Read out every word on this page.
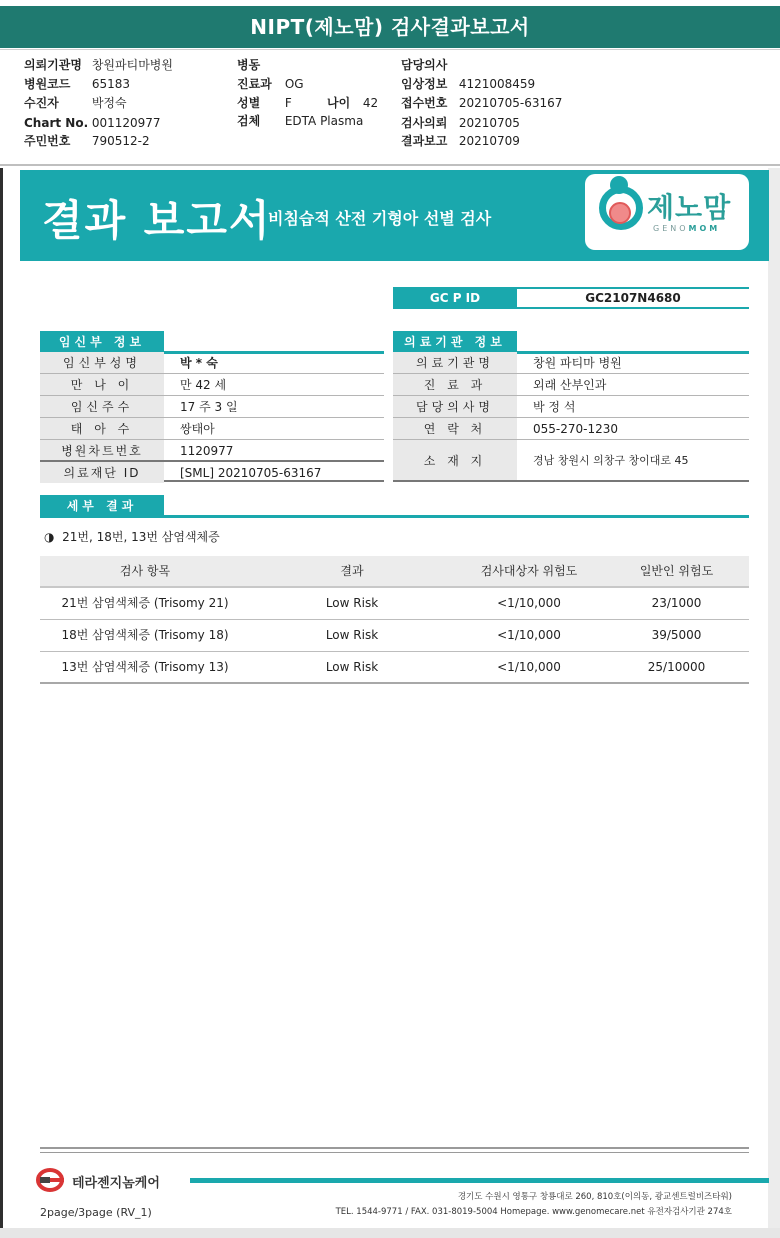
NIPT(제노맘) 검사결과보고서
의뢰기관명 창원파티마병원
병원코드 65183
수진자	박정숙
Chart No. 001120977
주민번호 790512-2
병동
진료과 OG
성별 F	나이 42
검체 EDTA Plasma
담당의사
임상정보 4121008459
접수번호 20210705-63167
검사의뢰 20210705
결과보고 20210709
결과 보고서
비침습적 산전 기형아 선별 검사	제노맘
GENOMOM
GC P ID	GC2107N4680
임신부 정보
임신부성명	박 * 숙
만 나 이	만 42 세
임신주수	17 주 3 일
태 아 수	쌍태아
병원차트번호	1120977
의료재단 ID	[SML] 20210705-63167
의료기관 정보
의료기관명	창원 파티마 병원
진 료 과	외래 산부인과
담당의사명	박 정 석
연 락 처	055-270-1230
소 재 지	경남 창원시 의창구 창이대로 45
세부 결과
◑ 21번, 18번, 13번 삼염색체증
검사 항목	결과	검사대상자 위험도	일반인 위험도
21번 삼염색체증 (Trisomy 21)	Low Risk	<1/10,000	23/1000
18번 삼염색체증 (Trisomy 18)	Low Risk	<1/10,000	39/5000
13번 삼염색체증 (Trisomy 13)	Low Risk	<1/10,000	25/10000
테라젠지놈케어
경기도 수원시 영통구 창룡대로 260, 810호(이의동, 광교센트럴비즈타워)
TEL. 1544-9771 / FAX. 031-8019-5004 Homepage. www.genomecare.net 유전자검사기관 274호
2page/3page (RV_1)
